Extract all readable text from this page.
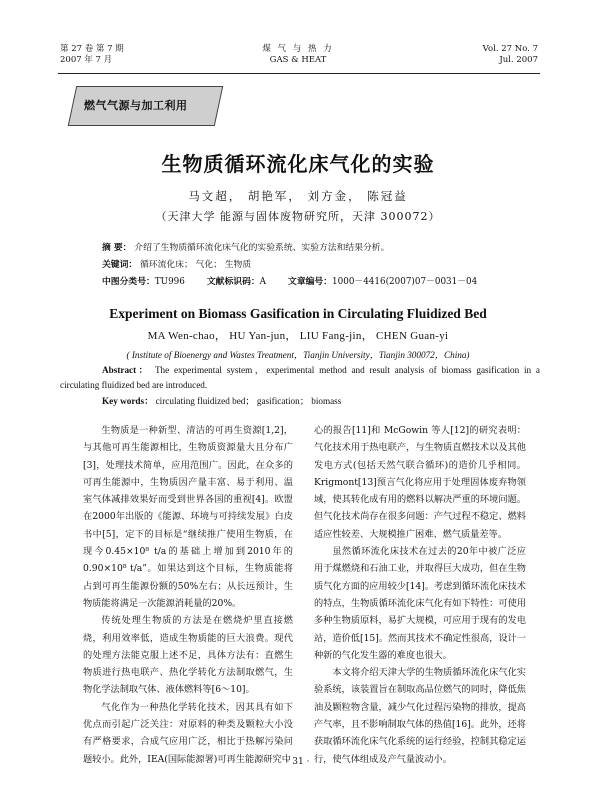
第 27 卷 第 7 期
2007 年 7 月
煤 气 与 热 力
GAS & HEAT
Vol. 27 No. 7
Jul. 2007
燃气气源与加工利用
生物质循环流化床气化的实验
马文超， 胡艳军， 刘方金， 陈冠益
（天津大学 能源与固体废物研究所，天津 300072）
摘 要： 介绍了生物质循环流化床气化的实验系统、实验方法和结果分析。
关键词： 循环流化床； 气化； 生物质
中图分类号：TU996	文献标识码：A	文章编号：1000－4416(2007)07－0031－04
Experiment on Biomass Gasification in Circulating Fluidized Bed
MA Wen-chao， HU Yan-jun， LIU Fang-jin， CHEN Guan-yi
( Institute of Bioenergy and Wastes Treatment，Tianjin University，Tianjin 300072，China)
Abstract： The experimental system，experimental method and result analysis of biomass gasification in a circulating fluidized bed are introduced.
Key words： circulating fluidized bed； gasification； biomass

生物质是一种新型、清洁的可再生资源[1,2]，与其他可再生能源相比，生物质资源量大且分布广[3]，处理技术简单，应用范围广。因此，在众多的可再生能源中，生物质因产量丰富、易于利用、温室气体减排效果好而受到世界各国的重视[4]。欧盟在2000年出版的《能源、环境与可持续发展》白皮书中[5]，定下的目标是“继续推广使用生物质，在现今0.45×10⁸ t/a的基础上增加到2010年的0.90×10⁸ t/a”。如果达到这个目标，生物质能将占到可再生能源份额的50%左右；从长远预计，生物质能将满足一次能源消耗量的20%。

传统处理生物质的方法是在燃烧炉里直接燃烧，利用效率低，造成生物质能的巨大浪费。现代的处理方法能克服上述不足，具体方法有：直燃生物质进行热电联产、热化学转化方法制取燃气，生物化学法制取气体、液体燃料等[6～10]。

气化作为一种热化学转化技术，因其具有如下优点而引起广泛关注：对原料的种类及颗粒大小没有严格要求，合成气应用广泛，相比于热解污染问题较小。此外，IEA(国际能源署)可再生能源研究中

心的报告[11]和 McGowin 等人[12]的研究表明：气化技术用于热电联产，与生物质直燃技术以及其他发电方式(包括天然气联合循环)的造价几乎相同。Krigmont[13]预言气化将应用于处理固体废弃物领域，使其转化成有用的燃料以解决严重的环境问题。但气化技术尚存在很多问题：产气过程不稳定、燃料适应性较差、大规模推广困难、燃气质量差等。

虽然循环流化床技术在过去的20年中被广泛应用于煤燃烧和石油工业，并取得巨大成功，但在生物质气化方面的应用较少[14]。考虑到循环流化床技术的特点，生物质循环流化床气化有如下特性：可使用多种生物质原料，易扩大规模，可应用于现有的发电站，造价低[15]。然而其技术不确定性很高，设计一种新的气化发生器的难度也很大。

本文将介绍天津大学的生物质循环流化床气化实验系统，该装置旨在制取高品位燃气的同时，降低焦油及颗粒物含量，减少气化过程污染物的排放，提高产气率，且不影响制取气体的热值[16]。此外，还将获取循环流化床气化系统的运行经验，控制其稳定运行，使气体组成及产气量波动小。

· 31 ·
